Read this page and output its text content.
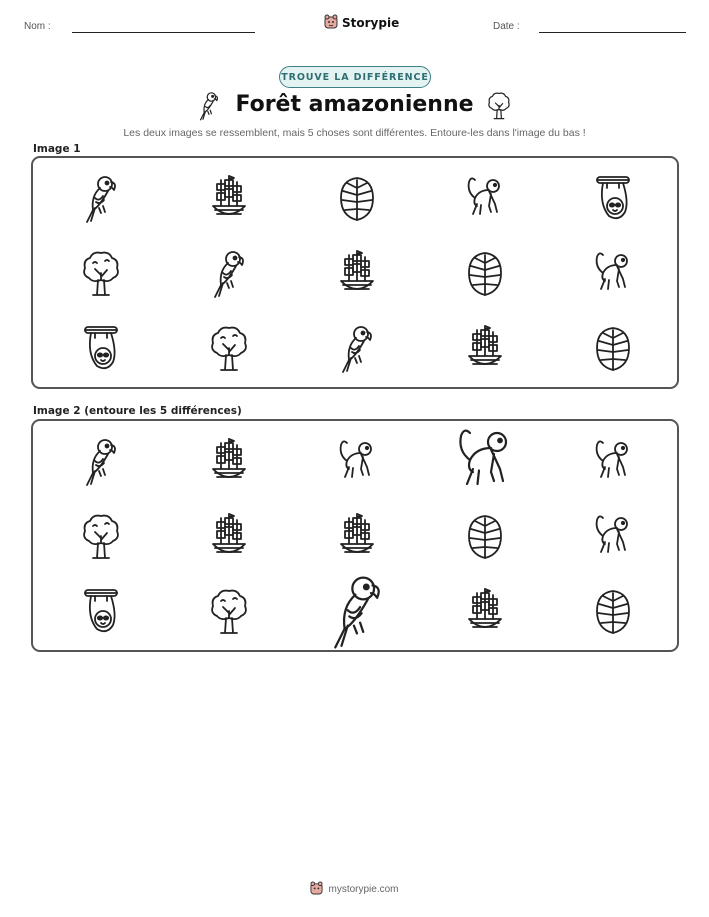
Nom :	Storypie	Date :
TROUVE LA DIFFÉRENCE
Forêt amazonienne
Les deux images se ressemblent, mais 5 choses sont différentes. Entoure-les dans l'image du bas !
Image 1
Image 2 (entoure les 5 différences)
mystorypie.com
